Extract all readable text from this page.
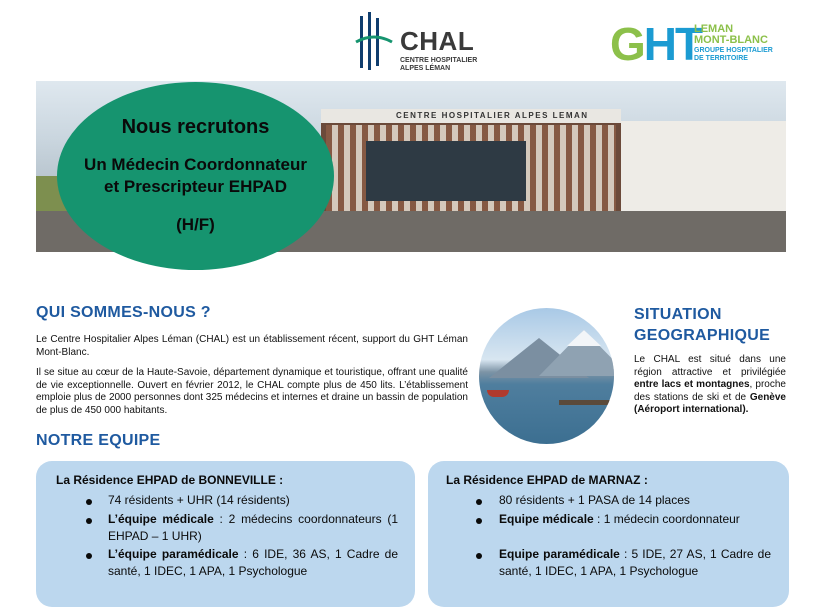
CHAL
CENTRE HOSPITALIER
ALPES LÉMAN	GHT
LEMAN
MONT-BLANC
GROUPE HOSPITALIER
DE TERRITOIRE
CENTRE HOSPITALIER ALPES LEMAN
Nous recrutons
Un Médecin Coordonnateur
et Prescripteur EHPAD
(H/F)
QUI SOMMES-NOUS ?
Le Centre Hospitalier Alpes Léman (CHAL) est un établissement récent, support du GHT Léman Mont-Blanc.
Il se situe au cœur de la Haute-Savoie, département dynamique et touristique, offrant une qualité de vie exceptionnelle. Ouvert en février 2012, le CHAL compte plus de 450 lits. L’établissement emploie plus de 2000 personnes dont 325 médecins et internes et draine un bassin de population de plus de 450 000 habitants.
SITUATION
GEOGRAPHIQUE
Le CHAL est situé dans une région attractive et privilégiée entre lacs et montagnes, proche des stations de ski et de Genève (Aéroport international).
NOTRE EQUIPE
La Résidence EHPAD de BONNEVILLE :
74 résidents + UHR (14 résidents)
L’équipe médicale : 2 médecins coordonnateurs (1 EHPAD – 1 UHR)
L’équipe paramédicale : 6 IDE, 36 AS, 1 Cadre de santé, 1 IDEC, 1 APA, 1 Psychologue
La Résidence EHPAD de MARNAZ :
80 résidents + 1 PASA de 14 places
Equipe médicale : 1 médecin coordonnateur
Equipe paramédicale : 5 IDE, 27 AS, 1 Cadre de santé, 1 IDEC, 1 APA, 1 Psychologue
